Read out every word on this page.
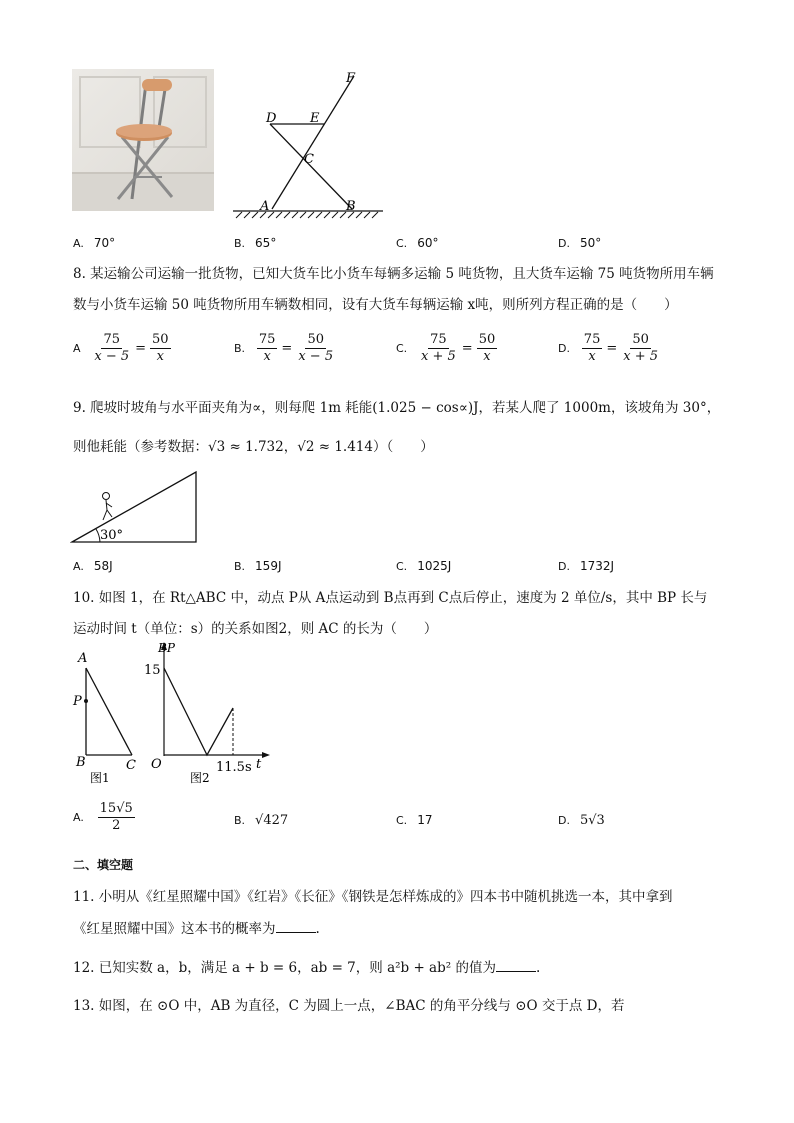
F
D	E
C
A	B
A. 70°	B. 65°	C. 60°	D. 50°
8. 某运输公司运输一批货物，已知大货车比小货车每辆多运输 5 吨货物，且大货车运输 75 吨货物所用车辆
数与小货车运输 50 吨货物所用车辆数相同，设有大货车每辆运输 x吨，则所列方程正确的是（　　）
A $\frac{75}{x - 5} = \frac{50}{x}$	B. $\frac{75}{x} = \frac{50}{x - 5}$	C. $\frac{75}{x + 5} = \frac{50}{x}$	D. $\frac{75}{x} = \frac{50}{x + 5}$
9. 爬坡时坡角与水平面夹角为∝，则每爬 1m 耗能(1.025 − cos∝)J，若某人爬了 1000m，该坡角为 30°，
则他耗能（参考数据：√3 ≈ 1.732，√2 ≈ 1.414）（　　）
30°
A. 58J	B. 159J	C. 1025J	D. 1732J
10. 如图 1，在 Rt△ABC 中，动点 P从 A点运动到 B点再到 C点后停止，速度为 2 单位/s，其中 BP 长与
运动时间 t（单位：s）的关系如图2，则 AC 的长为（　　）
A
P
B	C
图1
BP
15
O	11.5s t
图2
A. $\frac{15√5}{2}$	B. √427	C. 17	D. 5√3
二、填空题
11. 小明从《红星照耀中国》《红岩》《长征》《钢铁是怎样炼成的》四本书中随机挑选一本，其中拿到
《红星照耀中国》这本书的概率为	.
12. 已知实数 a，b，满足 a + b = 6，ab = 7，则 a²b + ab² 的值为	.
13. 如图，在 ⊙O 中，AB 为直径，C 为圆上一点，∠BAC 的角平分线与 ⊙O 交于点 D，若
